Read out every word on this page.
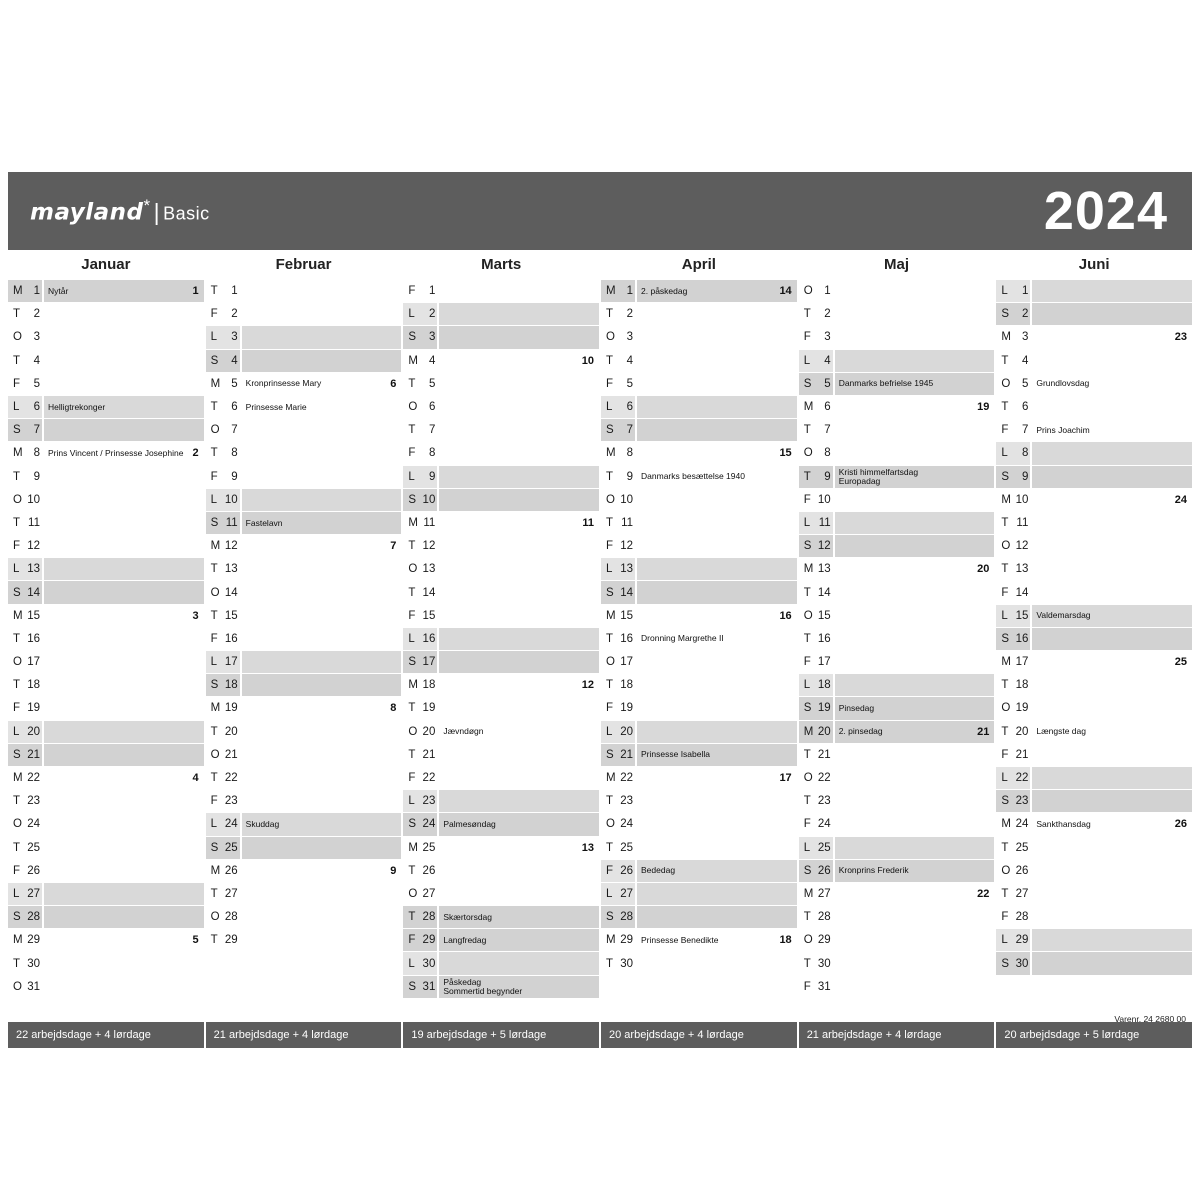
mayland* | Basic	2024
Januar
M 1 Nytår	1
T	2
O	3
T	4
F	5
L	6 Helligtrekonger
S	7
M 8 Prins Vincent / Prinsesse Josephine 2
T	9
O 10
T 11
F 12
L 13
S 14
M 15	3
T 16
O 17
T 18
F 19
L 20
S 21
M 22	4
T 23
O 24
T 25
F 26
L 27
S 28
M 29	5
T 30
O 31
Februar
T	1
F	2
L	3
S	4
M 5 Kronprinsesse Mary	6
T	6 Prinsesse Marie
O	7
T	8
F	9
L 10
S 11 Fastelavn
M 12	7
T 13
O 14
T 15
F 16
L 17
S 18
M 19	8
T 20
O 21
T 22
F 23
L 24 Skuddag
S 25
M 26	9
T 27
O 28
T 29
Marts
F	1
L	2
S	3
M 4	10
T	5
O	6
T	7
F	8
L	9
S 10
M 11	11
T 12
O 13
T 14
F 15
L 16
S 17
M 18	12
T 19
O 20 Jævndøgn
T 21
F 22
L 23
S 24 Palmesøndag
M 25	13
T 26
O 27
T 28 Skærtorsdag
F 29 Langfredag
L 30
S 31 Påskedag
Sommertid begynder
April
M 1 2. påskedag	14
T	2
O	3
T	4
F	5
L	6
S	7
M 8	15
T	9 Danmarks besættelse 1940
O 10
T 11
F 12
L 13
S 14
M 15	16
T 16 Dronning Margrethe II
O 17
T 18
F 19
L 20
S 21 Prinsesse Isabella
M 22	17
T 23
O 24
T 25
F 26 Bededag
L 27
S 28
M 29 Prinsesse Benedikte	18
T 30
Maj
O	1
T	2
F	3
L	4
S	5 Danmarks befrielse 1945
M 6	19
T	7
O	8
T	9 Kristi himmelfartsdag
Europadag
F 10
L 11
S 12
M 13	20
T 14
O 15
T 16
F 17
L 18
S 19 Pinsedag
M 20 2. pinsedag	21
T 21
O 22
T 23
F 24
L 25
S 26 Kronprins Frederik
M 27	22
T 28
O 29
T 30
F 31
Juni
L	1
S	2
M 3	23
T	4
O	5 Grundlovsdag
T	6
F	7 Prins Joachim
L	8
S	9
M 10	24
T 11
O 12
T 13
F 14
L 15 Valdemarsdag
S 16
M 17	25
T 18
O 19
T 20 Længste dag
F 21
L 22
S 23
M 24 Sankthansdag	26
T 25
O 26
T 27
F 28
L 29
S 30
22 arbejdsdage + 4 lørdage	21 arbejdsdage + 4 lørdage	19 arbejdsdage + 5 lørdage	20 arbejdsdage + 4 lørdage	21 arbejdsdage + 4 lørdage	20 arbejdsdage + 5 lørdage
Varenr. 24 2680 00
